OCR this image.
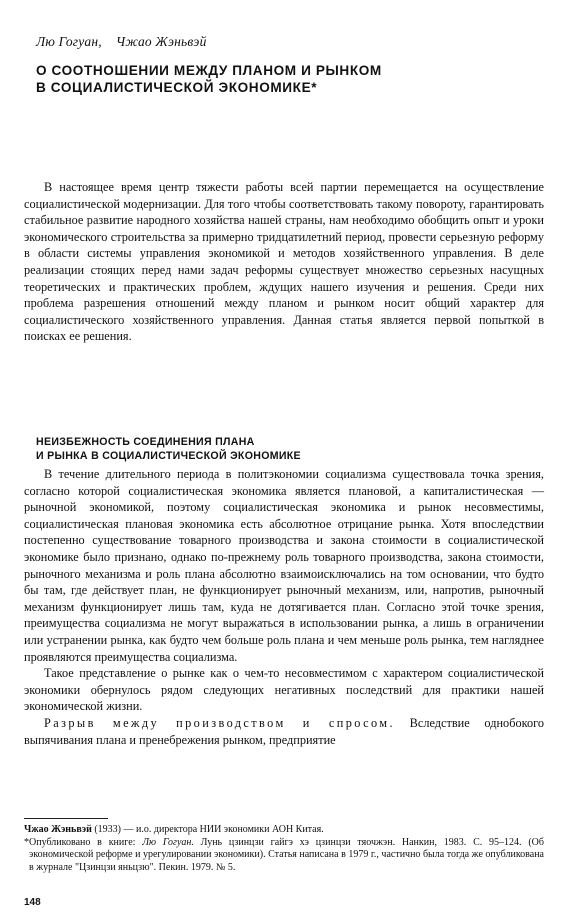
Лю Гогуан, Чжао Жэньвэй
О СООТНОШЕНИИ МЕЖДУ ПЛАНОМ И РЫНКОМ
В СОЦИАЛИСТИЧЕСКОЙ ЭКОНОМИКЕ*

В настоящее время центр тяжести работы всей партии перемещается на осуществление социалистической модернизации. Для того чтобы соответствовать такому повороту, гарантировать стабильное развитие народного хозяйства нашей страны, нам необходимо обобщить опыт и уроки экономического строительства за примерно тридцатилетний период, провести серьезную реформу в области системы управления экономикой и методов хозяйственного управления. В деле реализации стоящих перед нами задач реформы существует множество серьезных насущных теоретических и практических проблем, ждущих нашего изучения и решения. Среди них проблема разрешения отношений между планом и рынком носит общий характер для социалистического хозяйственного управления. Данная статья является первой попыткой в поисках ее решения.

НЕИЗБЕЖНОСТЬ СОЕДИНЕНИЯ ПЛАНА
И РЫНКА В СОЦИАЛИСТИЧЕСКОЙ ЭКОНОМИКЕ

В течение длительного периода в политэкономии социализма существовала точка зрения, согласно которой социалистическая экономика является плановой, а капиталистическая — рыночной экономикой, поэтому социалистическая экономика и рынок несовместимы, социалистическая плановая экономика есть абсолютное отрицание рынка. Хотя впоследствии постепенно существование товарного производства и закона стоимости в социалистической экономике было признано, однако по-прежнему роль товарного производства, закона стоимости, рыночного механизма и роль плана абсолютно взаимоисключались на том основании, что будто бы там, где действует план, не функционирует рыночный механизм, или, напротив, рыночный механизм функционирует лишь там, куда не дотягивается план. Согласно этой точке зрения, преимущества социализма не могут выражаться в использовании рынка, а лишь в ограничении или устранении рынка, как будто чем больше роль плана и чем меньше роль рынка, тем нагляднее проявляются преимущества социализма.

Такое представление о рынке как о чем-то несовместимом с характером социалистической экономики обернулось рядом следующих негативных последствий для практики нашей экономической жизни.

Разрыв между производством и спросом. Вследствие однобокого выпячивания плана и пренебрежения рынком, предприятие

Чжао Жэньвэй (1933) — и.о. директора НИИ экономики АОН Китая.

*Опубликовано в книге: Лю Гогуан. Лунь цзинцзи гайгэ хэ цзинцзи тяочжэн. Нанкин, 1983. С. 95–124. (Об экономической реформе и урегулировании экономики). Статья написана в 1979 г., частично была тогда же опубликована в журнале "Цзинцзи яньцзю". Пекин. 1979. № 5.

148
